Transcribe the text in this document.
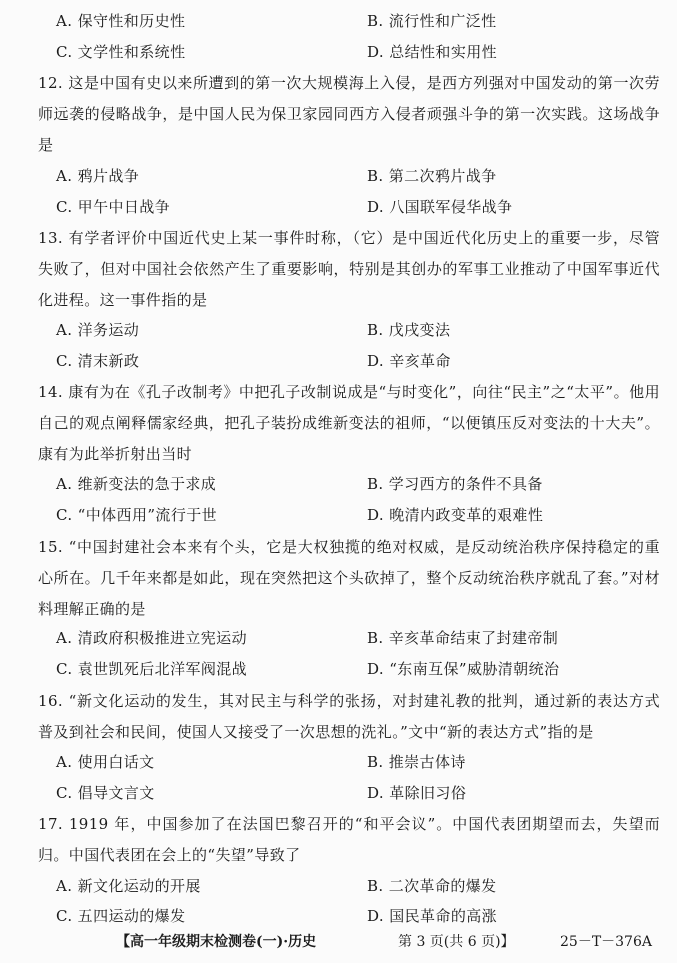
A. 保守性和历史性	B. 流行性和广泛性
C. 文学性和系统性	D. 总结性和实用性
12. 这是中国有史以来所遭到的第一次大规模海上入侵，是西方列强对中国发动的第一次劳师远袭的侵略战争，是中国人民为保卫家园同西方入侵者顽强斗争的第一次实践。这场战争是
A. 鸦片战争	B. 第二次鸦片战争
C. 甲午中日战争	D. 八国联军侵华战争
13. 有学者评价中国近代史上某一事件时称，（它）是中国近代化历史上的重要一步，尽管失败了，但对中国社会依然产生了重要影响，特别是其创办的军事工业推动了中国军事近代化进程。这一事件指的是
A. 洋务运动	B. 戊戌变法
C. 清末新政	D. 辛亥革命
14. 康有为在《孔子改制考》中把孔子改制说成是“与时变化”，向往“民主”之“太平”。他用自己的观点阐释儒家经典，把孔子装扮成维新变法的祖师，“以便镇压反对变法的十大夫”。康有为此举折射出当时
A. 维新变法的急于求成	B. 学习西方的条件不具备
C. “中体西用”流行于世	D. 晚清内政变革的艰难性
15. “中国封建社会本来有个头，它是大权独揽的绝对权威，是反动统治秩序保持稳定的重心所在。几千年来都是如此，现在突然把这个头砍掉了，整个反动统治秩序就乱了套。”对材料理解正确的是
A. 清政府积极推进立宪运动	B. 辛亥革命结束了封建帝制
C. 袁世凯死后北洋军阀混战	D. “东南互保”威胁清朝统治
16. “新文化运动的发生，其对民主与科学的张扬，对封建礼教的批判，通过新的表达方式普及到社会和民间，使国人又接受了一次思想的洗礼。”文中“新的表达方式”指的是
A. 使用白话文	B. 推崇古体诗
C. 倡导文言文	D. 革除旧习俗
17. 1919 年，中国参加了在法国巴黎召开的“和平会议”。中国代表团期望而去，失望而归。中国代表团在会上的“失望”导致了
A. 新文化运动的开展	B. 二次革命的爆发
C. 五四运动的爆发	D. 国民革命的高涨
【高一年级期末检测卷(一)·历史	第 3 页(共 6 页)】	25－T－376A
